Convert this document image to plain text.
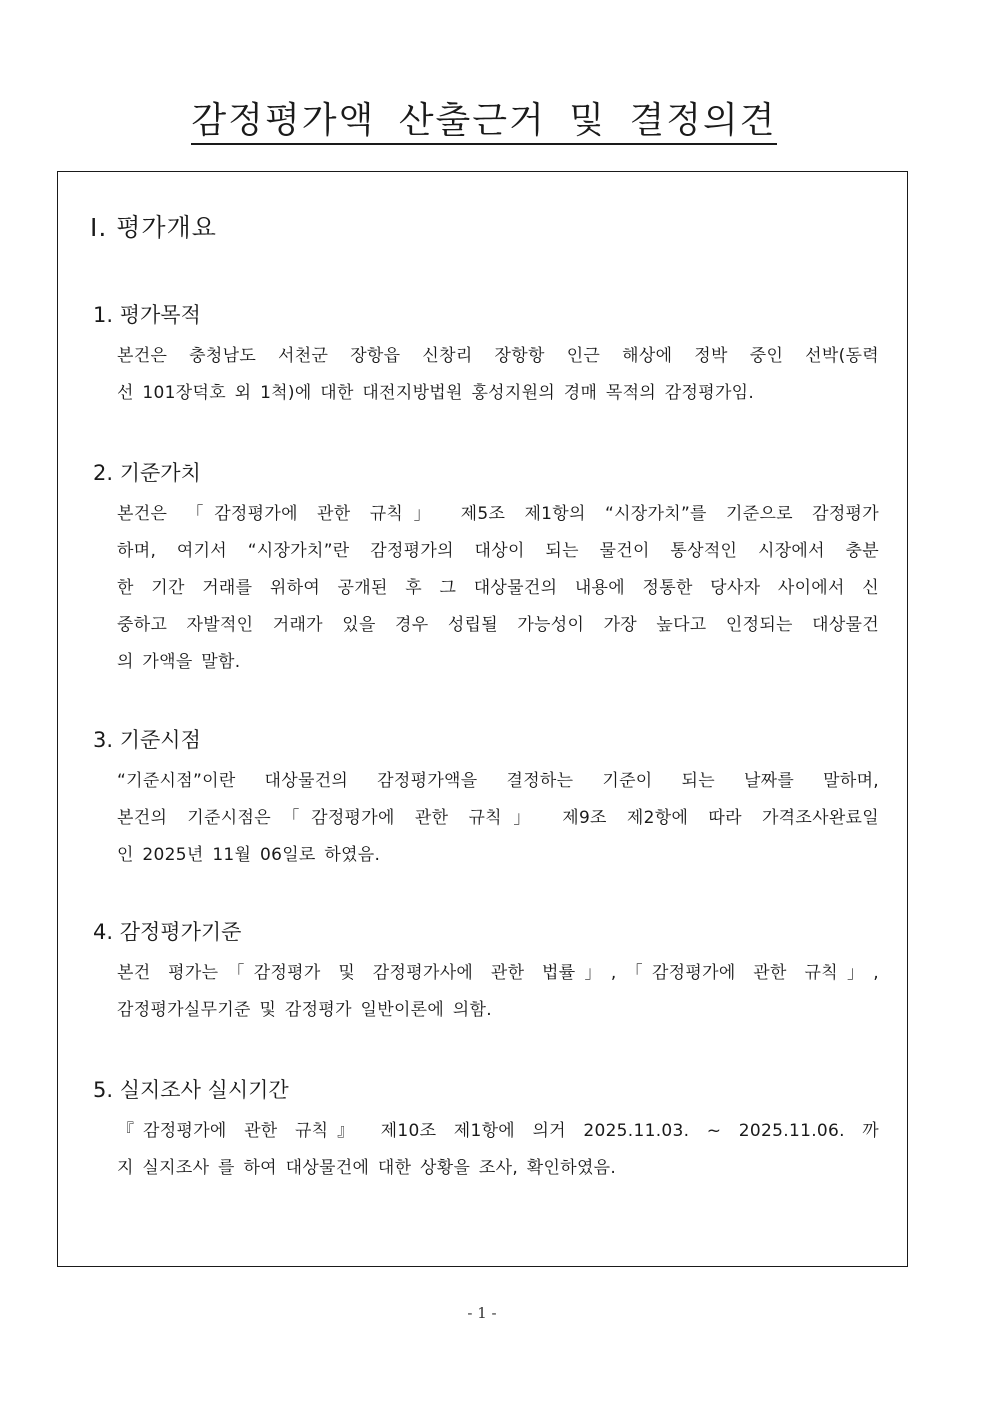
감정평가액 산출근거 및 결정의견
Ⅰ. 평가개요
1. 평가목적
본건은 충청남도 서천군 장항읍 신창리 장항항 인근 해상에 정박 중인 선박(동력
선 101장덕호 외 1척)에 대한 대전지방법원 홍성지원의 경매 목적의 감정평가임.
2. 기준가치
본건은 「감정평가에 관한 규칙」 제5조 제1항의 “시장가치”를 기준으로 감정평가
하며, 여기서 “시장가치”란 감정평가의 대상이 되는 물건이 통상적인 시장에서 충분
한 기간 거래를 위하여 공개된 후 그 대상물건의 내용에 정통한 당사자 사이에서 신
중하고 자발적인 거래가 있을 경우 성립될 가능성이 가장 높다고 인정되는 대상물건
의 가액을 말함.
3. 기준시점
“기준시점”이란 대상물건의 감정평가액을 결정하는 기준이 되는 날짜를 말하며,
본건의 기준시점은「감정평가에 관한 규칙」 제9조 제2항에 따라 가격조사완료일
인 2025년 11월 06일로 하였음.
4. 감정평가기준
본건 평가는「감정평가 및 감정평가사에 관한 법률」,「감정평가에 관한 규칙」,
감정평가실무기준 및 감정평가 일반이론에 의함.
5. 실지조사 실시기간
『감정평가에 관한 규칙』 제10조 제1항에 의거 2025.11.03. ~ 2025.11.06. 까
지 실지조사 를 하여 대상물건에 대한 상황을 조사, 확인하였음.
- 1 -
